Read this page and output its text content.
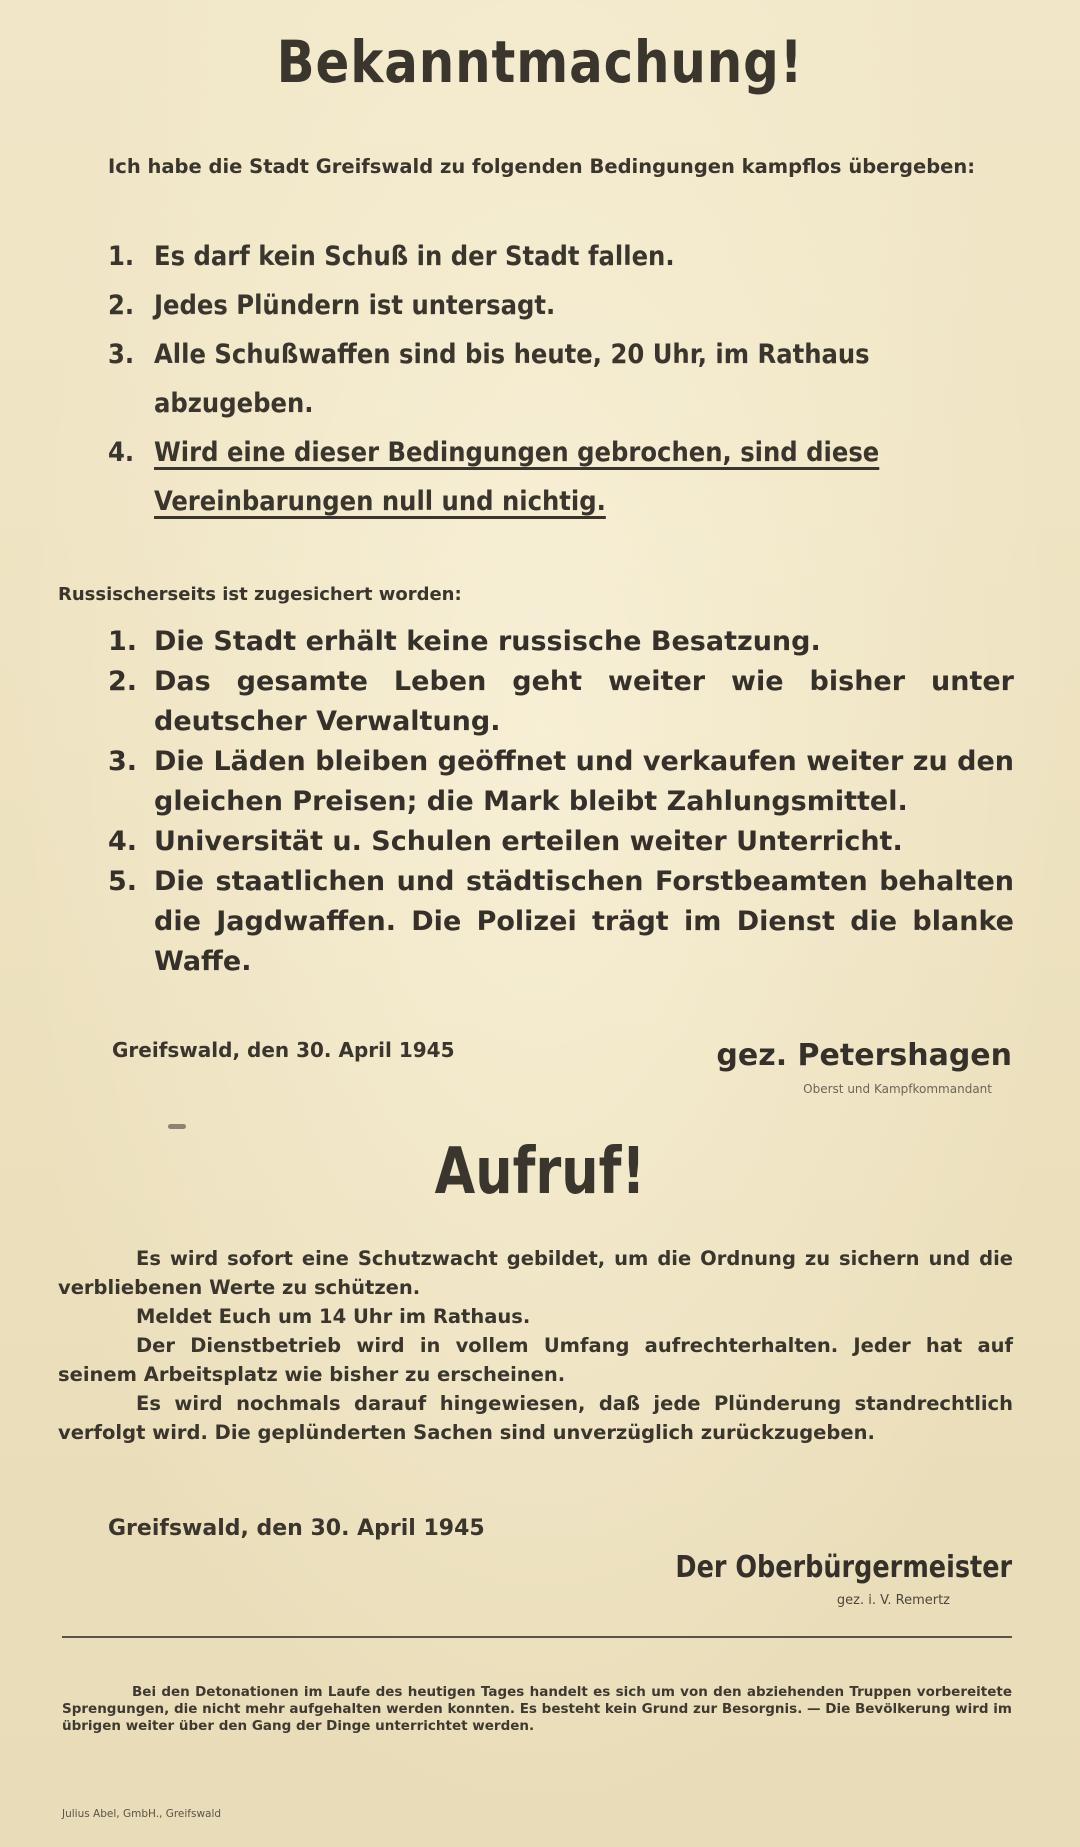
Bekanntmachung!
Ich habe die Stadt Greifswald zu folgenden Bedingungen kampflos übergeben:
1. Es darf kein Schuß in der Stadt fallen.
2. Jedes Plündern ist untersagt.
3. Alle Schußwaffen sind bis heute, 20 Uhr, im Rathaus abzugeben.
4. Wird eine dieser Bedingungen gebrochen, sind diese Vereinbarungen null und nichtig.
Russischerseits ist zugesichert worden:
1. Die Stadt erhält keine russische Besatzung.
2. Das gesamte Leben geht weiter wie bisher unter deutscher Verwaltung.
3. Die Läden bleiben geöffnet und verkaufen weiter zu den gleichen Preisen; die Mark bleibt Zahlungsmittel.
4. Universität u. Schulen erteilen weiter Unterricht.
5. Die staatlichen und städtischen Forstbeamten behalten die Jagdwaffen. Die Polizei trägt im Dienst die blanke Waffe.
Greifswald, den 30. April 1945	gez. Petershagen
Oberst und Kampfkommandant
Aufruf!

Es wird sofort eine Schutzwacht gebildet, um die Ordnung zu sichern und die verbliebenen Werte zu schützen.

Meldet Euch um 14 Uhr im Rathaus.

Der Dienstbetrieb wird in vollem Umfang aufrechterhalten. Jeder hat auf seinem Arbeitsplatz wie bisher zu erscheinen.

Es wird nochmals darauf hingewiesen, daß jede Plünderung standrechtlich verfolgt wird. Die geplünderten Sachen sind unverzüglich zurückzugeben.

Greifswald, den 30. April 1945
Der Oberbürgermeister
gez. i. V. Remertz
Bei den Detonationen im Laufe des heutigen Tages handelt es sich um von den abziehenden Truppen vorbereitete Sprengungen, die nicht mehr aufgehalten werden konnten. Es besteht kein Grund zur Besorgnis. — Die Bevölkerung wird im übrigen weiter über den Gang der Dinge unterrichtet werden.
Julius Abel, GmbH., Greifswald
